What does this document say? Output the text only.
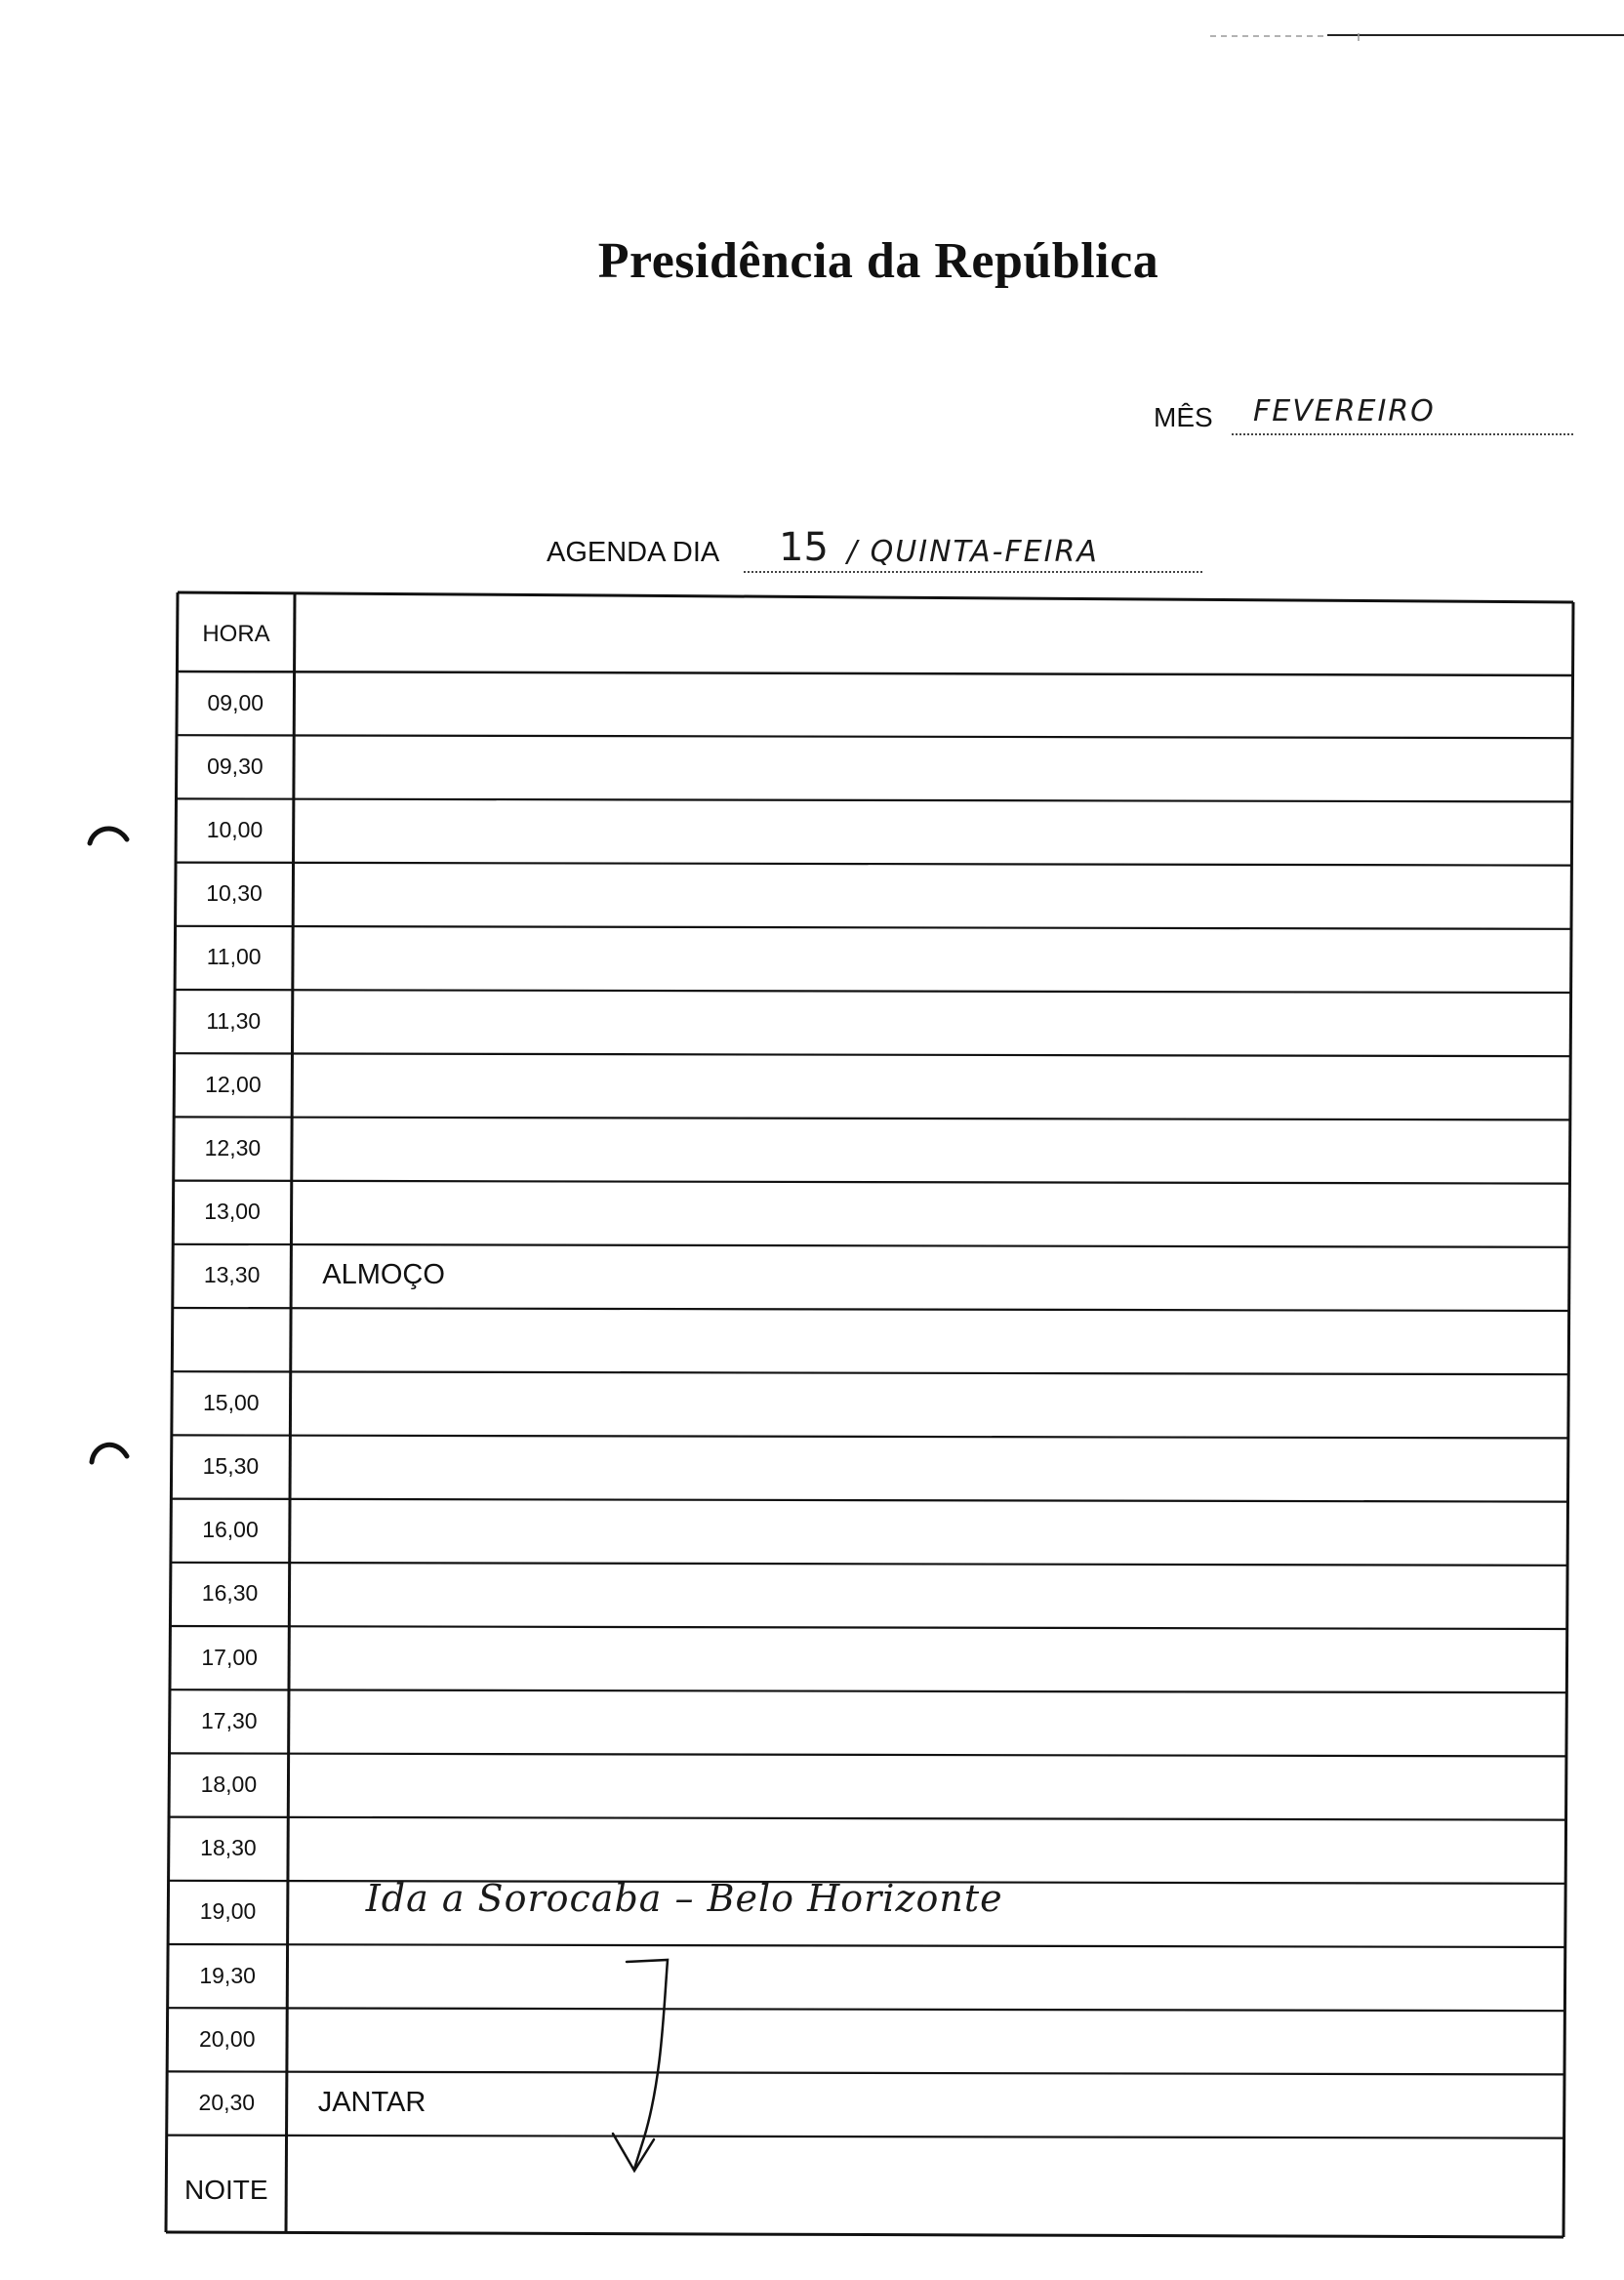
Presidência da República
MÊS FEVEREIRO
AGENDA DIA 15 / QUINTA-FEIRA
HORA
09,00
09,30
10,00
10,30
11,00
11,30
12,00
12,30
13,00
13,30	ALMOÇO
15,00
15,30
16,00
16,30
17,00
17,30
18,00
18,30
19,00	Ida a Sorocaba – Belo Horizonte
19,30
20,00
20,30	JANTAR
NOITE
